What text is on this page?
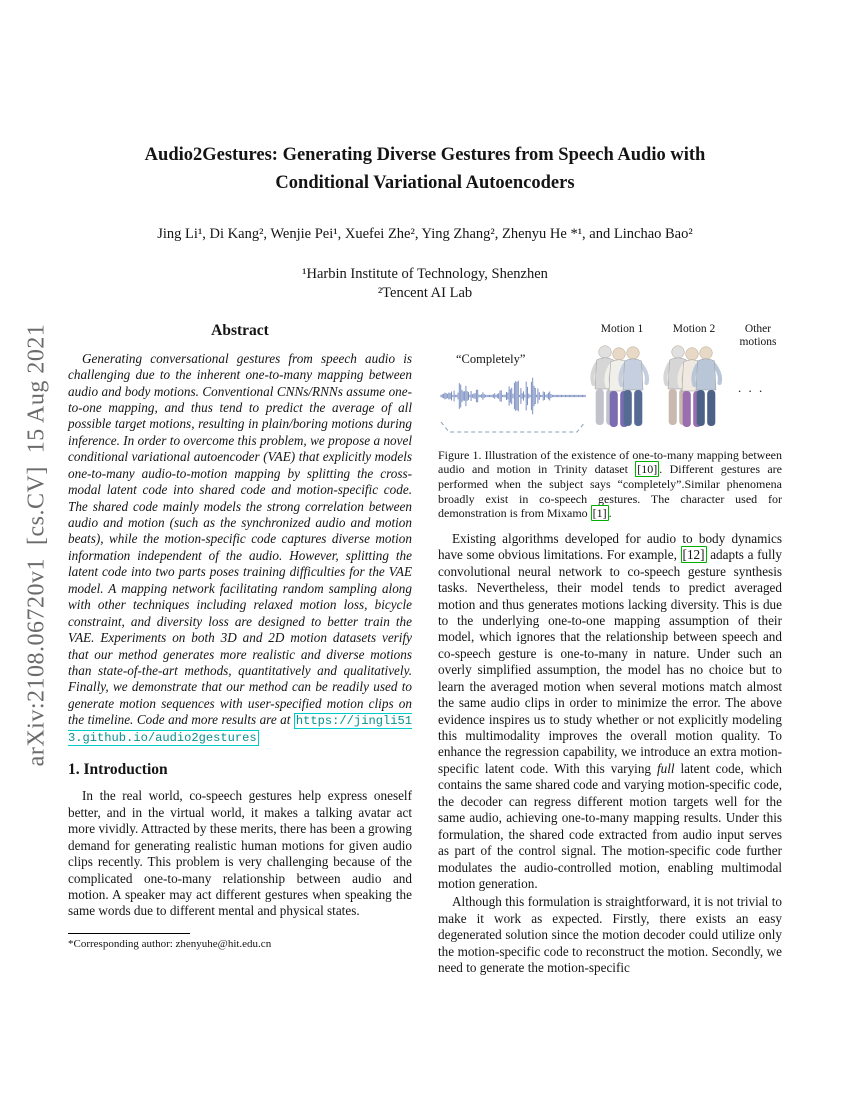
arXiv:2108.06720v1  [cs.CV]  15 Aug 2021
Audio2Gestures: Generating Diverse Gestures from Speech Audio with Conditional Variational Autoencoders
Jing Li¹, Di Kang², Wenjie Pei¹, Xuefei Zhe², Ying Zhang², Zhenyu He *¹, and Linchao Bao²
¹Harbin Institute of Technology, Shenzhen
²Tencent AI Lab
Abstract

Generating conversational gestures from speech audio is challenging due to the inherent one-to-many mapping between audio and body motions. Conventional CNNs/RNNs assume one-to-one mapping, and thus tend to predict the average of all possible target motions, resulting in plain/boring motions during inference. In order to overcome this problem, we propose a novel conditional variational autoencoder (VAE) that explicitly models one-to-many audio-to-motion mapping by splitting the cross-modal latent code into shared code and motion-specific code. The shared code mainly models the strong correlation between audio and motion (such as the synchronized audio and motion beats), while the motion-specific code captures diverse motion information independent of the audio. However, splitting the latent code into two parts poses training difficulties for the VAE model. A mapping network facilitating random sampling along with other techniques including relaxed motion loss, bicycle constraint, and diversity loss are designed to better train the VAE. Experiments on both 3D and 2D motion datasets verify that our method generates more realistic and diverse motions than state-of-the-art methods, quantitatively and qualitatively. Finally, we demonstrate that our method can be readily used to generate motion sequences with user-specified motion clips on the timeline. Code and more results are at https://jingli513.github.io/audio2gestures

1. Introduction

In the real world, co-speech gestures help express oneself better, and in the virtual world, it makes a talking avatar act more vividly. Attracted by these merits, there has been a growing demand for generating realistic human motions for given audio clips recently. This problem is very challenging because of the complicated one-to-many relationship between audio and motion. A speaker may act different gestures when speaking the same words due to different mental and physical states.

*Corresponding author: zhenyuhe@hit.edu.cn
“Completely”
Motion 1	Motion 2	Other motions
. . .
Figure 1. Illustration of the existence of one-to-many mapping between audio and motion in Trinity dataset [10] . Different gestures are performed when the subject says “completely”.Similar phenomena broadly exist in co-speech gestures. The character used for demonstration is from Mixamo [1] .

Existing algorithms developed for audio to body dynamics have some obvious limitations. For example, [12] adapts a fully convolutional neural network to co-speech gesture synthesis tasks. Nevertheless, their model tends to predict averaged motion and thus generates motions lacking diversity. This is due to the underlying one-to-one mapping assumption of their model, which ignores that the relationship between speech and co-speech gesture is one-to-many in nature. Under such an overly simplified assumption, the model has no choice but to learn the averaged motion when several motions match almost the same audio clips in order to minimize the error. The above evidence inspires us to study whether or not explicitly modeling this multimodality improves the overall motion quality. To enhance the regression capability, we introduce an extra motion-specific latent code. With this varying full latent code, which contains the same shared code and varying motion-specific code, the decoder can regress different motion targets well for the same audio, achieving one-to-many mapping results. Under this formulation, the shared code extracted from audio input serves as part of the control signal. The motion-specific code further modulates the audio-controlled motion, enabling multimodal motion generation.

Although this formulation is straightforward, it is not trivial to make it work as expected. Firstly, there exists an easy degenerated solution since the motion decoder could utilize only the motion-specific code to reconstruct the motion. Secondly, we need to generate the motion-specific
